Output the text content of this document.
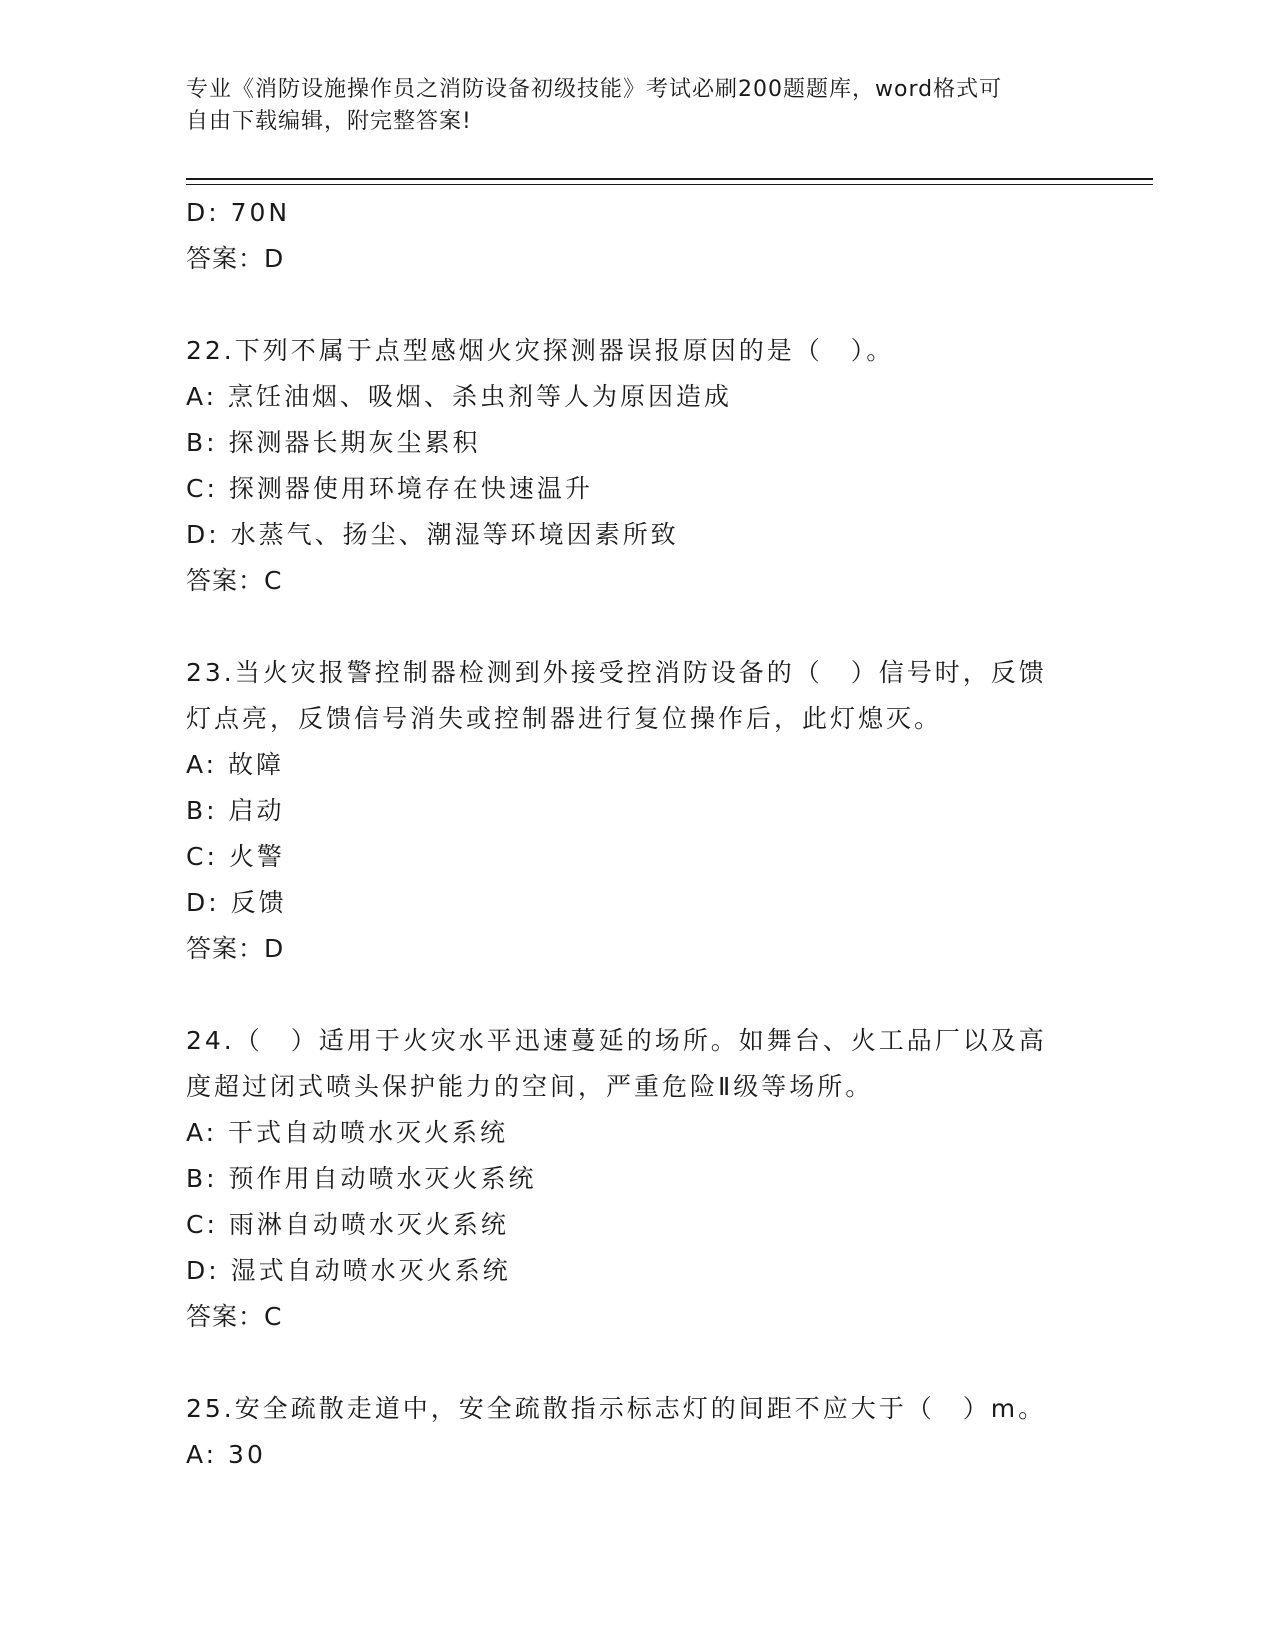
专业《消防设施操作员之消防设备初级技能》考试必刷200题题库，word格式可
自由下载编辑，附完整答案!
D: 70N
答案：D
22.下列不属于点型感烟火灾探测器误报原因的是（　）。
A: 烹饪油烟、吸烟、杀虫剂等人为原因造成
B: 探测器长期灰尘累积
C: 探测器使用环境存在快速温升
D: 水蒸气、扬尘、潮湿等环境因素所致
答案：C
23.当火灾报警控制器检测到外接受控消防设备的（　）信号时，反馈
灯点亮，反馈信号消失或控制器进行复位操作后，此灯熄灭。
A: 故障
B: 启动
C: 火警
D: 反馈
答案：D
24.（　）适用于火灾水平迅速蔓延的场所。如舞台、火工品厂以及高
度超过闭式喷头保护能力的空间，严重危险Ⅱ级等场所。
A: 干式自动喷水灭火系统
B: 预作用自动喷水灭火系统
C: 雨淋自动喷水灭火系统
D: 湿式自动喷水灭火系统
答案：C
25.安全疏散走道中，安全疏散指示标志灯的间距不应大于（　）m。
A: 30
